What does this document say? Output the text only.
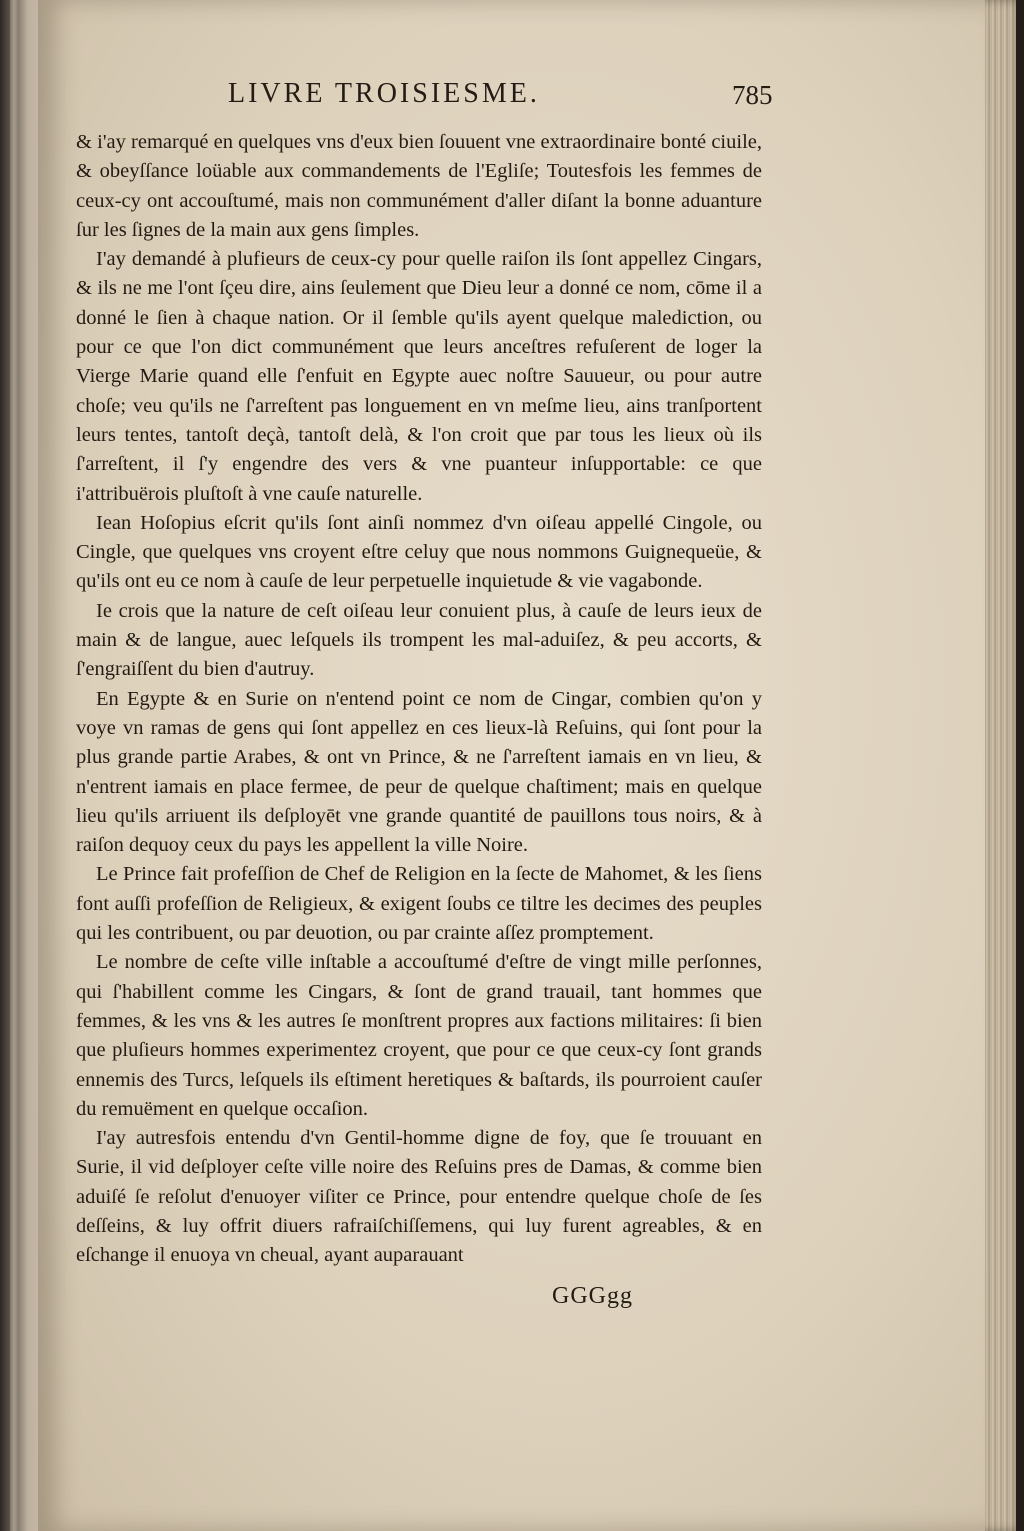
LIVRE TROISIESME.	785

& i'ay remarqué en quelques vns d'eux bien ſouuent vne extraordinaire bonté ciuile, & obeyſſance loüable aux commandements de l'Egliſe; Toutesfois les femmes de ceux-cy ont accouſtumé, mais non communément d'aller diſant la bonne aduanture ſur les ſignes de la main aux gens ſimples.

I'ay demandé à plufieurs de ceux-cy pour quelle raiſon ils ſont appellez Cingars, & ils ne me l'ont ſçeu dire, ains ſeulement que Dieu leur a donné ce nom, cōme il a donné le ſien à chaque nation. Or il ſemble qu'ils ayent quelque malediction, ou pour ce que l'on dict communément que leurs anceſtres refuſerent de loger la Vierge Marie quand elle ſ'enfuit en Egypte auec noſtre Sauueur, ou pour autre choſe; veu qu'ils ne ſ'arreſtent pas longuement en vn meſme lieu, ains tranſportent leurs tentes, tantoſt deçà, tantoſt delà, & l'on croit que par tous les lieux où ils ſ'arreſtent, il ſ'y engendre des vers & vne puanteur inſupportable: ce que i'attribuërois pluſtoſt à vne cauſe naturelle.

Iean Hoſopius eſcrit qu'ils ſont ainſi nommez d'vn oiſeau appellé Cingole, ou Cingle, que quelques vns croyent eſtre celuy que nous nommons Guignequeüe, & qu'ils ont eu ce nom à cauſe de leur perpetuelle inquietude & vie vagabonde.

Ie crois que la nature de ceſt oiſeau leur conuient plus, à cauſe de leurs ieux de main & de langue, auec leſquels ils trompent les mal-aduiſez, & peu accorts, & ſ'engraiſſent du bien d'autruy.

En Egypte & en Surie on n'entend point ce nom de Cingar, combien qu'on y voye vn ramas de gens qui ſont appellez en ces lieux-là Reſuins, qui ſont pour la plus grande partie Arabes, & ont vn Prince, & ne ſ'arreſtent iamais en vn lieu, & n'entrent iamais en place fermee, de peur de quelque chaſtiment; mais en quelque lieu qu'ils arriuent ils deſployēt vne grande quantité de pauillons tous noirs, & à raiſon dequoy ceux du pays les appellent la ville Noire.

Le Prince fait profeſſion de Chef de Religion en la ſecte de Mahomet, & les ſiens font auſſi profeſſion de Religieux, & exigent ſoubs ce tiltre les decimes des peuples qui les contribuent, ou par deuotion, ou par crainte aſſez promptement.

Le nombre de ceſte ville inſtable a accouſtumé d'eſtre de vingt mille perſonnes, qui ſ'habillent comme les Cingars, & ſont de grand trauail, tant hommes que femmes, & les vns & les autres ſe monſtrent propres aux factions militaires: ſi bien que pluſieurs hommes experimentez croyent, que pour ce que ceux-cy ſont grands ennemis des Turcs, leſquels ils eſtiment heretiques & baſtards, ils pourroient cauſer du remuëment en quelque occaſion.

I'ay autresfois entendu d'vn Gentil-homme digne de foy, que ſe trouuant en Surie, il vid deſployer ceſte ville noire des Reſuins pres de Damas, & comme bien aduiſé ſe reſolut d'enuoyer viſiter ce Prince, pour entendre quelque choſe de ſes deſſeins, & luy offrit diuers rafraiſchiſſemens, qui luy furent agreables, & en eſchange il enuoya vn cheual, ayant auparauant

GGGgg
